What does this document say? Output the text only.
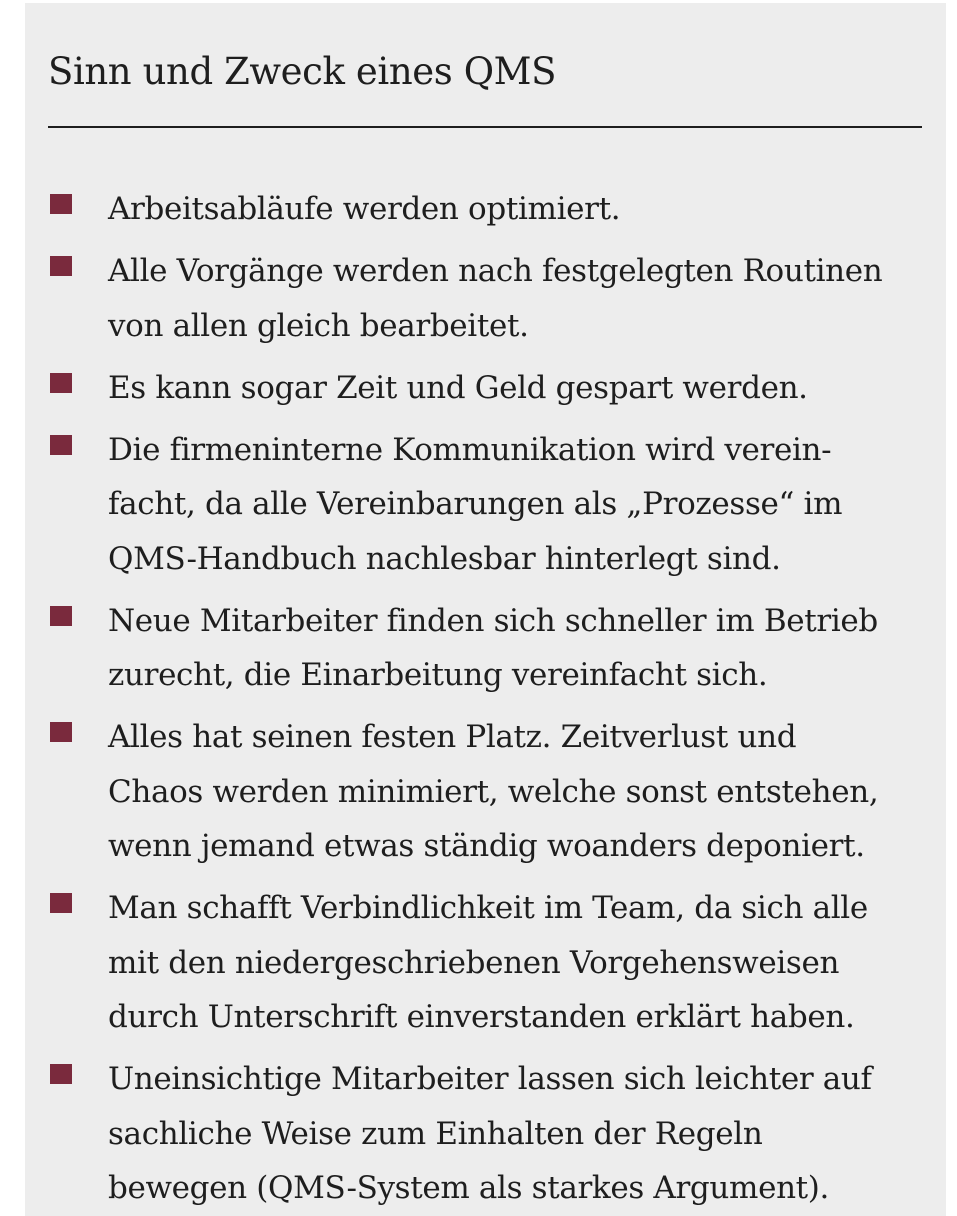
Sinn und Zweck eines QMS
Arbeitsabläufe werden optimiert.
Alle Vorgänge werden nach festgelegten Routinen
von allen gleich bearbeitet.
Es kann sogar Zeit und Geld gespart werden.
Die firmeninterne Kommunikation wird verein-
facht, da alle Vereinbarungen als „Prozesse“ im
QMS-Handbuch nachlesbar hinterlegt sind.
Neue Mitarbeiter finden sich schneller im Betrieb
zurecht, die Einarbeitung vereinfacht sich.
Alles hat seinen festen Platz. Zeitverlust und
Chaos werden minimiert, welche sonst entstehen,
wenn jemand etwas ständig woanders deponiert.
Man schafft Verbindlichkeit im Team, da sich alle
mit den niedergeschriebenen Vorgehensweisen
durch Unterschrift einverstanden erklärt haben.
Uneinsichtige Mitarbeiter lassen sich leichter auf
sachliche Weise zum Einhalten der Regeln
bewegen (QMS-System als starkes Argument).
